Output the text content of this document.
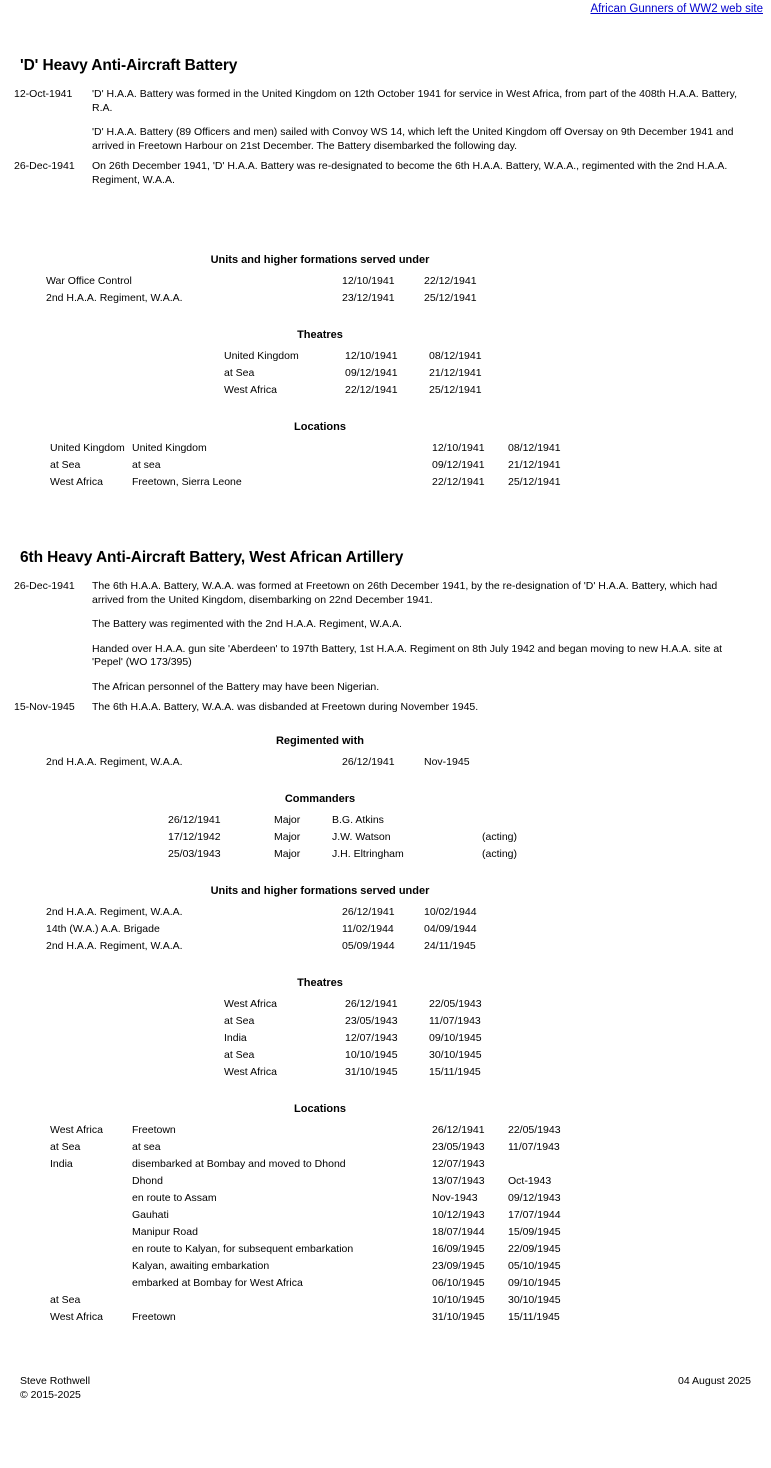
African Gunners of WW2 web site
'D' Heavy Anti-Aircraft Battery
12-Oct-1941	'D' H.A.A. Battery was formed in the United Kingdom on 12th October 1941 for service in West Africa, from part of the 408th H.A.A. Battery, R.A.

'D' H.A.A. Battery (89 Officers and men) sailed with Convoy WS 14, which left the United Kingdom off Oversay on 9th December 1941 and arrived in Freetown Harbour on 21st December. The Battery disembarked the following day.

26-Dec-1941	On 26th December 1941, 'D' H.A.A. Battery was re-designated to become the 6th H.A.A. Battery, W.A.A., regimented with the 2nd H.A.A. Regiment, W.A.A.

Units and higher formations served under
War Office Control	12/10/1941	22/12/1941
2nd H.A.A. Regiment, W.A.A.	23/12/1941	25/12/1941
Theatres
United Kingdom	12/10/1941	08/12/1941
at Sea	09/12/1941	21/12/1941
West Africa	22/12/1941	25/12/1941
Locations
United Kingdom	United Kingdom	12/10/1941	08/12/1941
at Sea	at sea	09/12/1941	21/12/1941
West Africa	Freetown, Sierra Leone	22/12/1941	25/12/1941
6th Heavy Anti-Aircraft Battery, West African Artillery
26-Dec-1941	The 6th H.A.A. Battery, W.A.A. was formed at Freetown on 26th December 1941, by the re-designation of 'D' H.A.A. Battery, which had arrived from the United Kingdom, disembarking on 22nd December 1941.

The Battery was regimented with the 2nd H.A.A. Regiment, W.A.A.

Handed over H.A.A. gun site 'Aberdeen' to 197th Battery, 1st H.A.A. Regiment on 8th July 1942 and began moving to new H.A.A. site at 'Pepel' (WO 173/395)

The African personnel of the Battery may have been Nigerian.

15-Nov-1945	The 6th H.A.A. Battery, W.A.A. was disbanded at Freetown during November 1945.

Regimented with
2nd H.A.A. Regiment, W.A.A.	26/12/1941	Nov-1945
Commanders
26/12/1941	Major	B.G. Atkins	
17/12/1942	Major	J.W. Watson	(acting)
25/03/1943	Major	J.H. Eltringham	(acting)
Units and higher formations served under
2nd H.A.A. Regiment, W.A.A.	26/12/1941	10/02/1944
14th (W.A.) A.A. Brigade	11/02/1944	04/09/1944
2nd H.A.A. Regiment, W.A.A.	05/09/1944	24/11/1945
Theatres
West Africa	26/12/1941	22/05/1943
at Sea	23/05/1943	11/07/1943
India	12/07/1943	09/10/1945
at Sea	10/10/1945	30/10/1945
West Africa	31/10/1945	15/11/1945
Locations
West Africa	Freetown	26/12/1941	22/05/1943
at Sea	at sea	23/05/1943	11/07/1943
India	disembarked at Bombay and moved to Dhond	12/07/1943	
	Dhond	13/07/1943	Oct-1943
	en route to Assam	Nov-1943	09/12/1943
	Gauhati	10/12/1943	17/07/1944
	Manipur Road	18/07/1944	15/09/1945
	en route to Kalyan, for subsequent embarkation	16/09/1945	22/09/1945
	Kalyan, awaiting embarkation	23/09/1945	05/10/1945
	embarked at Bombay for West Africa	06/10/1945	09/10/1945
at Sea		10/10/1945	30/10/1945
West Africa	Freetown	31/10/1945	15/11/1945
Steve Rothwell
© 2015-2025
04 August 2025
